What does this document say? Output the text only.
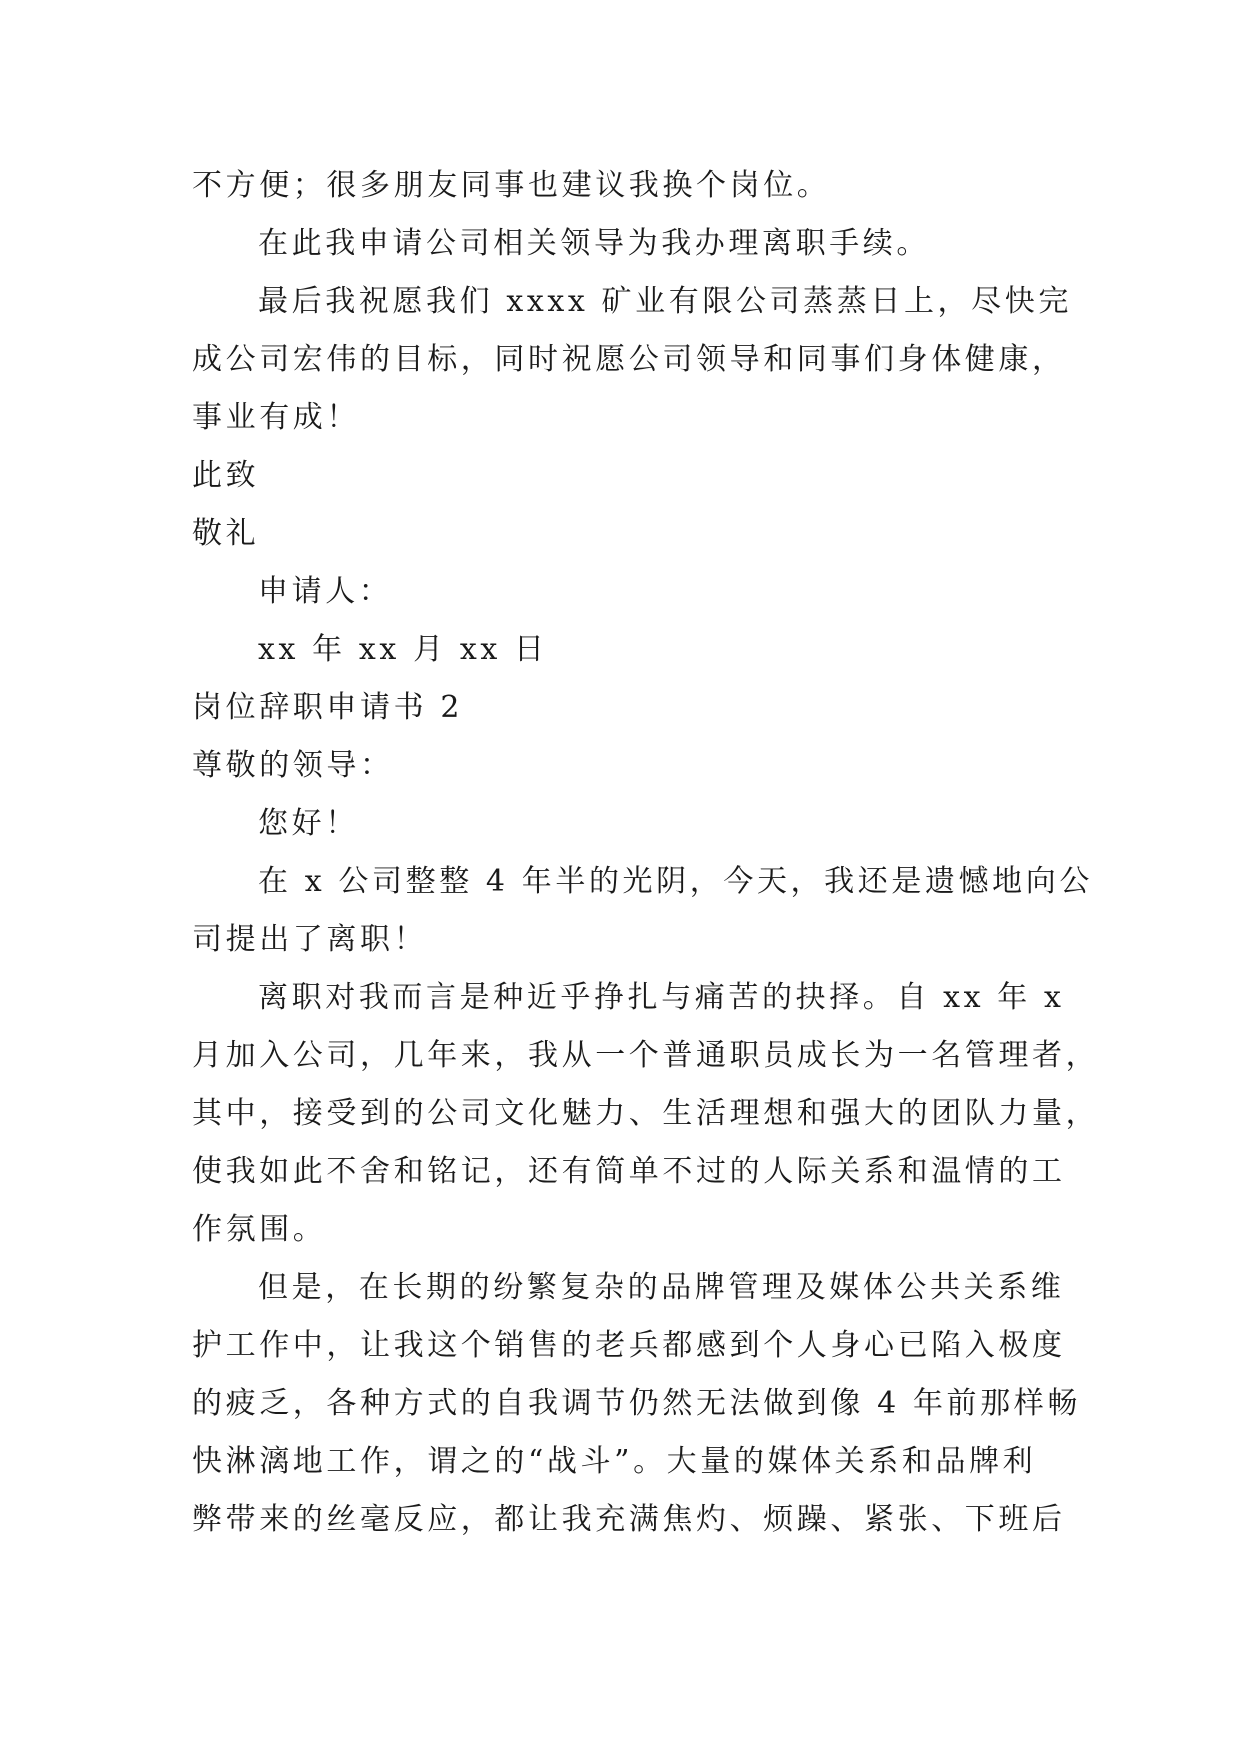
不方便；很多朋友同事也建议我换个岗位。
在此我申请公司相关领导为我办理离职手续。
最后我祝愿我们 xxxx 矿业有限公司蒸蒸日上，尽快完
成公司宏伟的目标，同时祝愿公司领导和同事们身体健康，
事业有成！
此致
敬礼
申请人：
xx 年 xx 月 xx 日
岗位辞职申请书 2
尊敬的领导：
您好！
在 x 公司整整 4 年半的光阴，今天，我还是遗憾地向公
司提出了离职！
离职对我而言是种近乎挣扎与痛苦的抉择。自 xx 年 x
月加入公司，几年来，我从一个普通职员成长为一名管理者，
其中，接受到的公司文化魅力、生活理想和强大的团队力量，
使我如此不舍和铭记，还有简单不过的人际关系和温情的工
作氛围。
但是，在长期的纷繁复杂的品牌管理及媒体公共关系维
护工作中，让我这个销售的老兵都感到个人身心已陷入极度
的疲乏，各种方式的自我调节仍然无法做到像 4 年前那样畅
快淋漓地工作，谓之的“战斗”。大量的媒体关系和品牌利
弊带来的丝毫反应，都让我充满焦灼、烦躁、紧张、下班后
